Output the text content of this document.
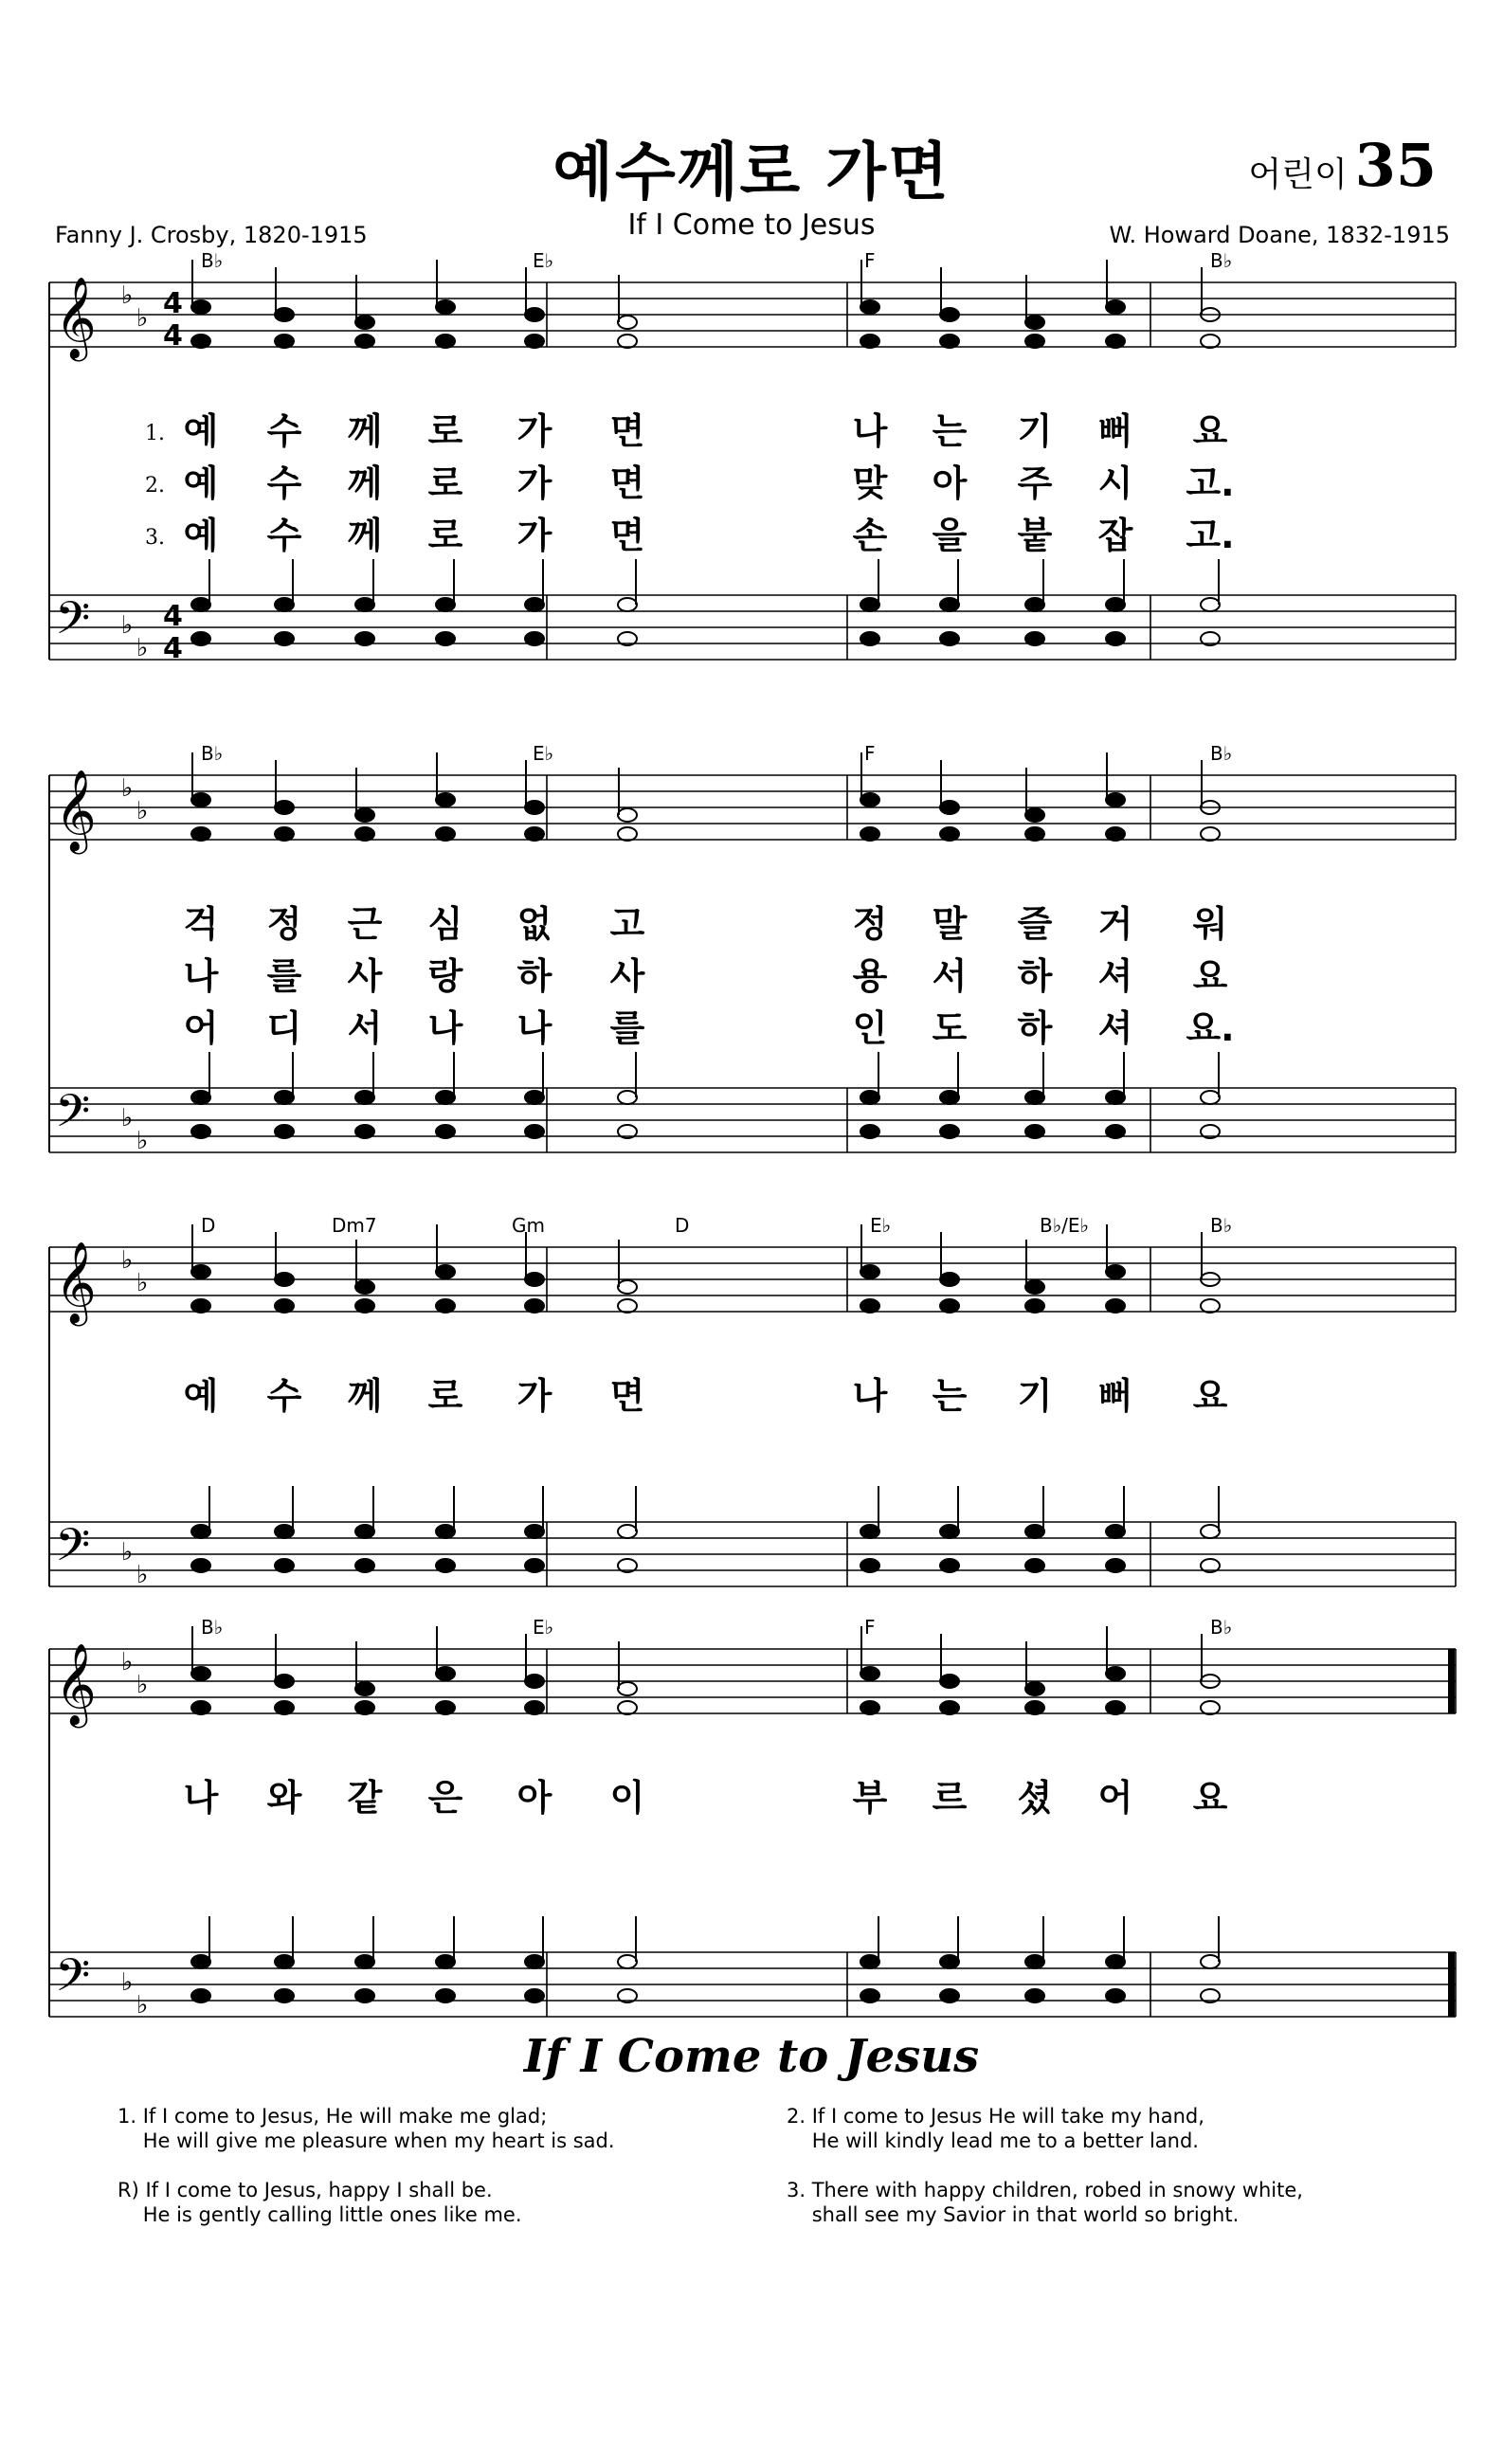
예수께로 가면	어린이 35
If I Come to Jesus
Fanny J. Crosby, 1820-1915	W. Howard Doane, 1832-1915
𝄞
𝄢
♭
♭
♭
♭
4
4
4
4
B♭	E♭	F	B♭
1. 예 수 께 로 가 면	나 는 기 뻐 요
2. 예 수 께 로 가 면	맞 아 주 시 고.
3. 예 수 께 로 가 면	손 을 붙 잡 고.
𝄞
𝄢
♭
♭
♭
♭
B♭	E♭	F	B♭
걱 정 근 심 없 고	정 말 즐 거 워
나 를 사 랑 하 사	용 서 하 셔 요
어 디 서 나 나 를	인 도 하 셔 요.
𝄞
𝄢
♭
♭
♭
♭
D	Dm7	Gm	D	E♭	B♭/E♭	B♭
예 수 께 로 가 면	나 는 기 뻐 요
𝄞
𝄢
♭
♭
♭
♭
B♭	E♭	F	B♭
나 와 같 은 아 이	부 르 셨 어 요
If I Come to Jesus
1. If I come to Jesus, He will make me glad;
He will give me pleasure when my heart is sad.
2. If I come to Jesus He will take my hand,
He will kindly lead me to a better land.
R) If I come to Jesus, happy I shall be.
He is gently calling little ones like me.
3. There with happy children, robed in snowy white,
shall see my Savior in that world so bright.
